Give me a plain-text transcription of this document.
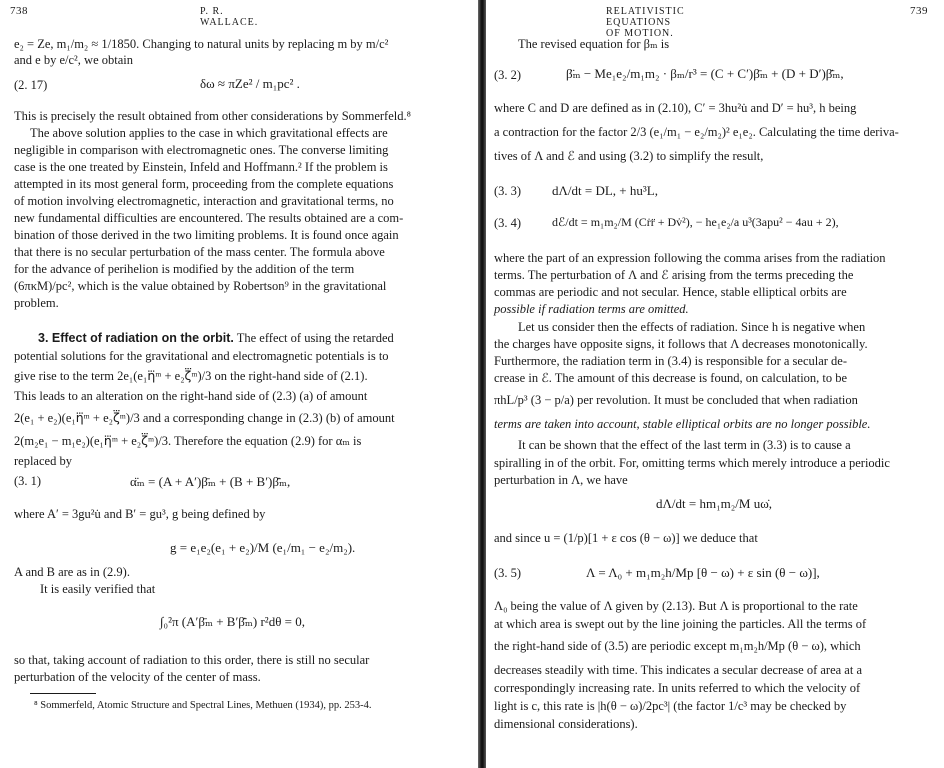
738	P. R. WALLACE.
e₂ = Ze, m₁/m₂ ≈ 1/1850. Changing to natural units by replacing m by m/c²
and e by e/c², we obtain
(2. 17)	δω ≈ πZe² / m₁pc² .
This is precisely the result obtained from other considerations by Sommerfeld.⁸
The above solution applies to the case in which gravitational effects are
negligible in comparison with electromagnetic ones. The converse limiting
case is the one treated by Einstein, Infeld and Hoffmann.² If the problem is
attempted in its most general form, proceeding from the complete equations
of motion involving electromagnetic, interaction and gravitational terms, no
new fundamental difficulties are encountered. The results obtained are a com-
bination of those derived in the two limiting problems. It is found once again
that there is no secular perturbation of the mass center. The formula above
for the advance of perihelion is modified by the addition of the term
(6πκM)/pc², which is the value obtained by Robertson⁹ in the gravitational
problem.
3. Effect of radiation on the orbit. The effect of using the retarded
potential solutions for the gravitational and electromagnetic potentials is to
give rise to the term 2e₁(e₁η⃛ᵐ + e₂ζ⃛ᵐ)/3 on the right-hand side of (2.1).
This leads to an alteration on the right-hand side of (2.3) (a) of amount
2(e₁ + e₂)(e₁η⃛ᵐ + e₂ζ⃛ᵐ)/3 and a corresponding change in (2.3) (b) of amount
2(m₂e₁ − m₁e₂)(e₁η⃛ᵐ + e₂ζ⃛ᵐ)/3. Therefore the equation (2.9) for αₘ is
replaced by
(3. 1)	α̈ₘ = (A + A′)β̄ₘ + (B + B′)β̄̇ₘ,
where A′ = 3gu²u̇ and B′ = gu³, g being defined by
g = e₁e₂(e₁ + e₂)/M (e₁/m₁ − e₂/m₂).
A and B are as in (2.9).
It is easily verified that
∫₀²π (A′β̄ₘ + B′β̄̇ₘ) r²dθ = 0,
so that, taking account of radiation to this order, there is still no secular
perturbation of the velocity of the center of mass.
⁸ Sommerfeld, Atomic Structure and Spectral Lines, Methuen (1934), pp. 253-4.
RELATIVISTIC EQUATIONS OF MOTION.
739
The revised equation for βₘ is
(3. 2)	β̈ₘ − Me₁e₂/m₁m₂ · βₘ/r³ = (C + C′)β̄ₘ + (D + D′)β̄̇ₘ,
where C and D are defined as in (2.10), C′ = 3hu²u̇ and D′ = hu³, h being
a contraction for the factor 2/3 (e₁/m₁ − e₂/m₂)² e₁e₂. Calculating the time deriva-
tives of Λ and ℰ and using (3.2) to simplify the result,
(3. 3) dΛ/dt = DL, + hu³L,
(3. 4)	dℰ/dt = m₁m₂/M (Cṙr̈ + Dv̇²), − he₁e₂/a u³(3apu² − 4au + 2),
where the part of an expression following the comma arises from the radiation
terms. The perturbation of Λ and ℰ arising from the terms preceding the
commas are periodic and not secular. Hence, stable elliptical orbits are
possible if radiation terms are omitted.
Let us consider then the effects of radiation. Since h is negative when
the charges have opposite signs, it follows that Λ decreases monotonically.
Furthermore, the radiation term in (3.4) is responsible for a secular de-
crease in ℰ. The amount of this decrease is found, on calculation, to be
πhL/p³ (3 − p/a) per revolution. It must be concluded that when radiation
terms are taken into account, stable elliptical orbits are no longer possible.
It can be shown that the effect of the last term in (3.3) is to cause a
spiralling in of the orbit. For, omitting terms which merely introduce a periodic
perturbation in Λ, we have
dΛ/dt = hm₁m₂/M uω̇,
and since u = (1/p)[1 + ε cos (θ − ω)] we deduce that
(3. 5)	Λ = Λ₀ + m₁m₂h/Mp [θ − ω) + ε sin (θ − ω)],
Λ₀ being the value of Λ given by (2.13). But Λ is proportional to the rate
at which area is swept out by the line joining the particles. All the terms of
the right-hand side of (3.5) are periodic except m₁m₂h/Mp (θ − ω), which
decreases steadily with time. This indicates a secular decrease of area at a
correspondingly increasing rate. In units referred to which the velocity of
light is c, this rate is |h(θ − ω)/2pc³| (the factor 1/c³ may be checked by
dimensional considerations).
